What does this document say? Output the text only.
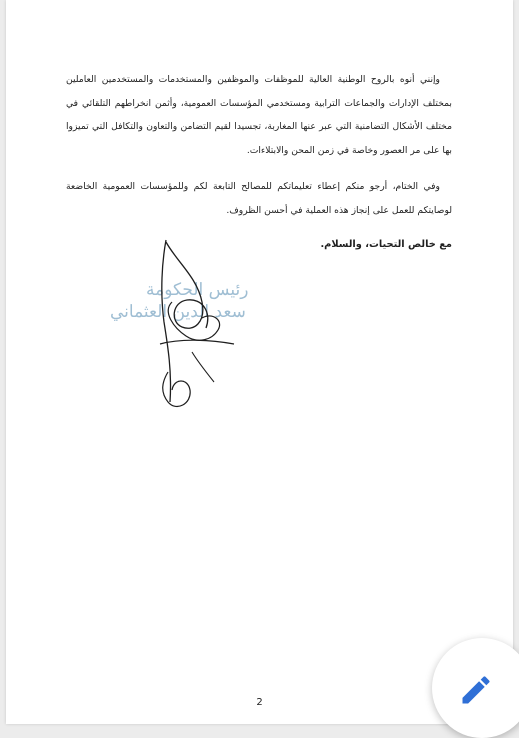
وإنني أنوه بالروح الوطنية العالية للموظفات والموظفين والمستخدمات والمستخدمين العاملين بمختلف الإدارات والجماعات الترابية ومستخدمي المؤسسات العمومية، وأثمن انخراطهم التلقائي في مختلف الأشكال التضامنية التي عبر عنها المغاربة، تجسيدا لقيم التضامن والتعاون والتكافل التي تميزوا بها على مر العصور وخاصة في زمن المحن والابتلاءات.

وفي الختام، أرجو منكم إعطاء تعليماتكم للمصالح التابعة لكم وللمؤسسات العمومية الخاضعة لوصايتكم للعمل على إنجاز هذه العملية في أحسن الظروف.

مع خالص التحيات، والسلام.

رئيس الحكومة
سعد الدين العثماني
2
